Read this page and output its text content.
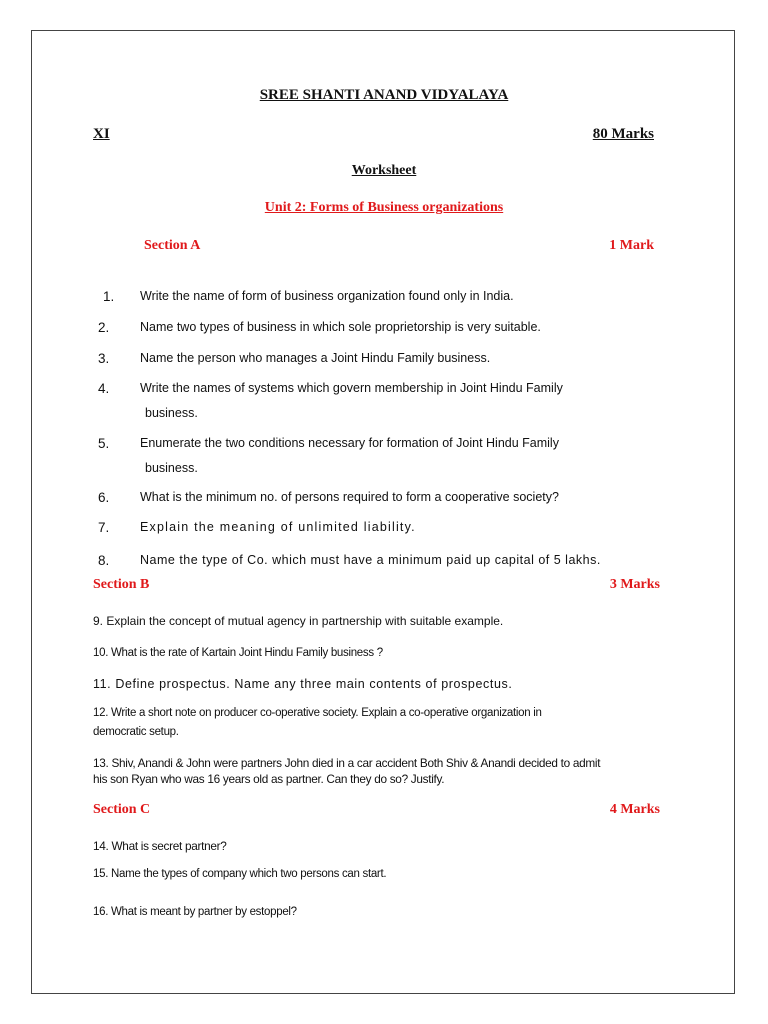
SREE SHANTI ANAND VIDYALAYA
XI	80 Marks
Worksheet
Unit 2: Forms of Business organizations
Section A	1 Mark
1. Write the name of form of business organization found only in India.
2. Name two types of business in which sole proprietorship is very suitable.
3. Name the person who manages a Joint Hindu Family business.
4. Write the names of systems which govern membership in Joint Hindu Family
business.
5. Enumerate the two conditions necessary for formation of Joint Hindu Family
business.
6. What is the minimum no. of persons required to form a cooperative society?
7. Explain the meaning of unlimited liability.
8. Name the type of Co. which must have a minimum paid up capital of 5 lakhs.
Section B	3 Marks
9. Explain the concept of mutual agency in partnership with suitable example.
10. What is the rate of Kartain Joint Hindu Family business ?
11. Define prospectus. Name any three main contents of prospectus.
12. Write a short note on producer co-operative society. Explain a co-operative organization in
democratic setup.
13. Shiv, Anandi & John were partners John died in a car accident Both Shiv & Anandi decided to admit
his son Ryan who was 16 years old as partner. Can they do so? Justify.
Section C	4 Marks
14. What is secret partner?
15. Name the types of company which two persons can start.
16. What is meant by partner by estoppel?
